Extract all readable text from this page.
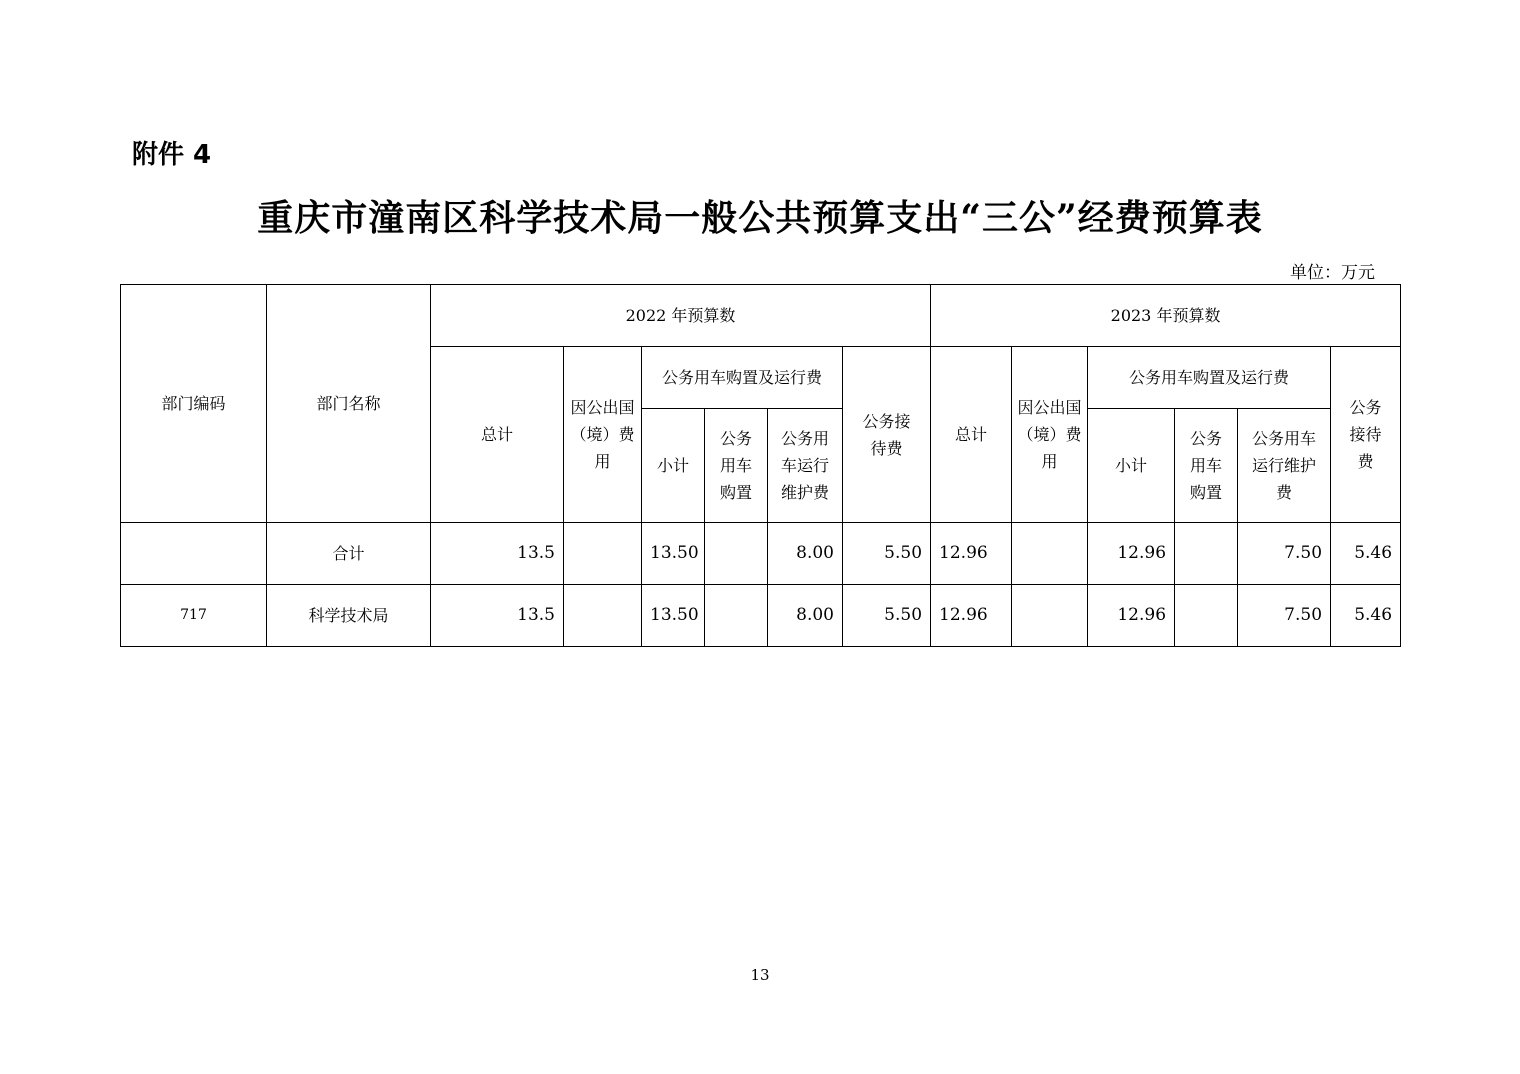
附件 4
重庆市潼南区科学技术局一般公共预算支出“三公”经费预算表
单位：万元
部门编码	部门名称	2022 年预算数						2023 年预算数					
		总计	因公出国（境）费用	公务用车购置及运行费			公务接待费	总计	因公出国（境）费用	公务用车购置及运行费			公务接待费
				小计	公务用车购置	公务用车运行维护费				小计	公务用车购置	公务用车运行维护费	
	合计	13.5		13.50		8.00	5.50	12.96		12.96		7.50	5.46
717	科学技术局	13.5		13.50		8.00	5.50	12.96		12.96		7.50	5.46
13
